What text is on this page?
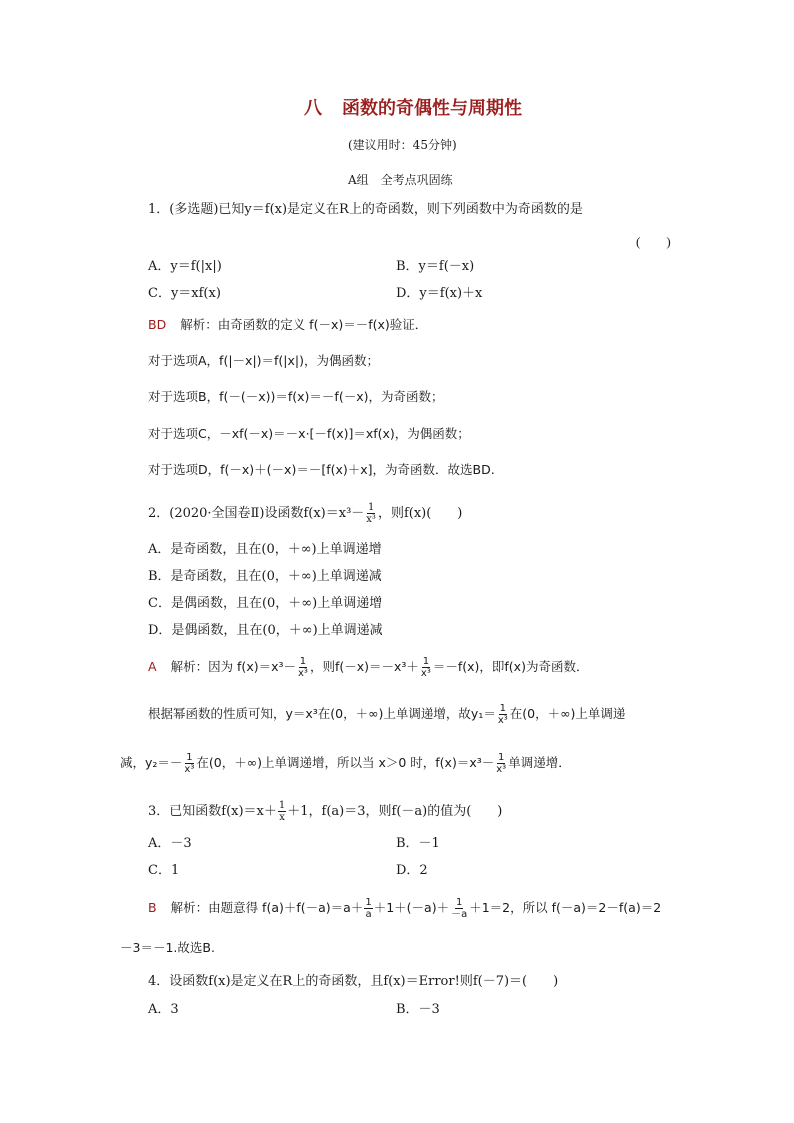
八 函数的奇偶性与周期性
(建议用时：45分钟)
A组　全考点巩固练
1．(多选题)已知y＝f(x)是定义在R上的奇函数，则下列函数中为奇函数的是
(　　)
A．y＝f(|x|)	B．y＝f(－x)
C．y＝xf(x)	D．y＝f(x)＋x
BD 解析：由奇函数的定义 f(－x)＝－f(x)验证．
对于选项A，f(|－x|)＝f(|x|)，为偶函数；
对于选项B，f(－(－x))＝f(x)＝－f(－x)，为奇函数；
对于选项C，－xf(－x)＝－x·[－f(x)]＝xf(x)，为偶函数；
对于选项D，f(－x)＋(－x)＝－[f(x)＋x]，为奇函数．故选BD.
2．(2020·全国卷Ⅱ)设函数$f(x)=x^3- \frac{1}{\text{x³}}$ ，则f(x)(　　)
A．是奇函数，且在(0，＋∞)上单调递增
B．是奇函数，且在(0，＋∞)上单调递减
C．是偶函数，且在(0，＋∞)上单调递增
D．是偶函数，且在(0，＋∞)上单调递减
A 解析：因为 $f(x)=x^3- \frac{1}{\text{x³}}$ ，则$f(-x)=-x^3+ \frac{1}{\text{x³}} =-f(x)$，即f(x)为奇函数．
根据幂函数的性质可知，y＝x³在(0，＋∞)上单调递增，故$y_1= \frac{1}{\text{x³}}$ 在(0，＋∞)上单调递
减，$y_2=- \frac{1}{\text{x³}}$ 在(0，＋∞)上单调递增，所以当 x＞0 时，$f(x)=x^3- \frac{1}{\text{x³}}$ 单调递增．
3．已知函数$f(x)=x+ \frac{1}{x} +1$，f(a)＝3，则f(－a)的值为(　　)
A．－3	B．－1
C．1	D．2
B 解析：由题意得 $f(a)+f(-a)=a+ \frac{1}{a} +1+(-a)+ \frac{1}{-a} +1=2$，所以 f(－a)＝2－f(a)＝2
－3＝－1.故选B.
4．设函数f(x)是定义在R上的奇函数，且f(x)＝Error!则f(－7)＝(　　)
A．3	B．－3
